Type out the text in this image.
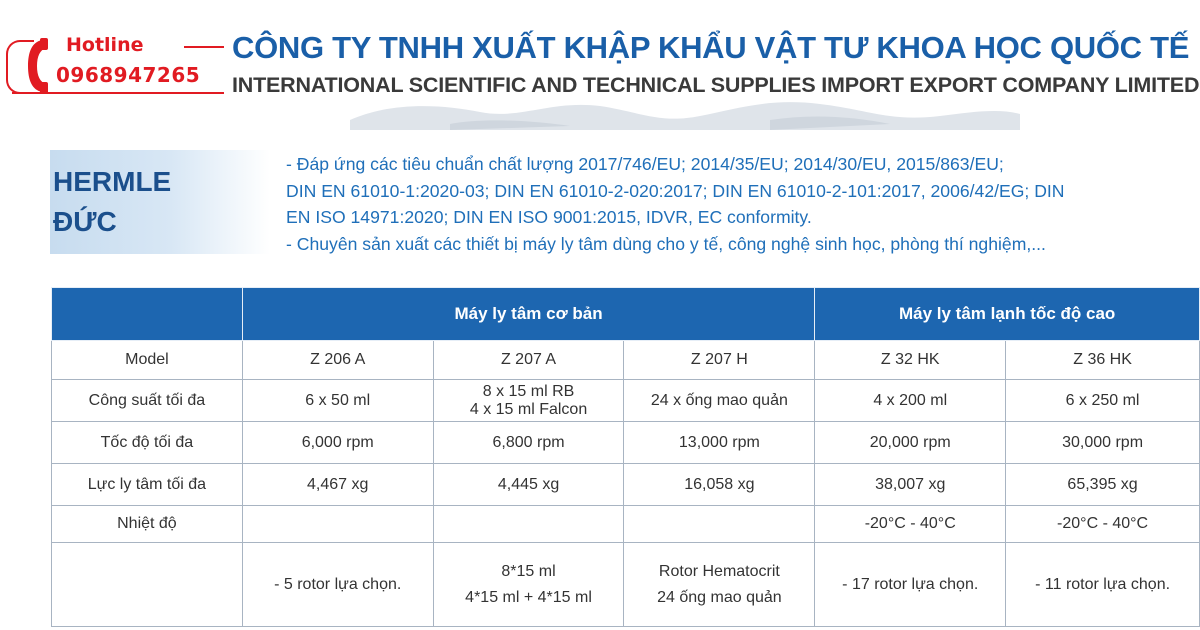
Hotline
0968947265
CÔNG TY TNHH XUẤT KHẬP KHẨU VẬT TƯ KHOA HỌC QUỐC TẾ
INTERNATIONAL SCIENTIFIC AND TECHNICAL SUPPLIES IMPORT EXPORT COMPANY LIMITED
HERMLE
ĐỨC

- Đáp ứng các tiêu chuẩn chất lượng 2017/746/EU; 2014/35/EU; 2014/30/EU, 2015/863/EU;

DIN EN 61010-1:2020-03; DIN EN 61010-2-020:2017; DIN EN 61010-2-101:2017, 2006/42/EG; DIN

EN ISO 14971:2020; DIN EN ISO 9001:2015, IDVR, EC conformity.

- Chuyên sản xuất các thiết bị máy ly tâm dùng cho y tế, công nghệ sinh học, phòng thí nghiệm,...

	Máy ly tâm cơ bản			Máy ly tâm lạnh tốc độ cao	
Model	Z 206 A	Z 207 A	Z 207 H	Z 32 HK	Z 36 HK
Công suất tối đa	6 x 50 ml	8 x 15 ml RB
4 x 15 ml Falcon	24 x ống mao quản	4 x 200 ml	6 x 250 ml
Tốc độ tối đa	6,000 rpm	6,800 rpm	13,000 rpm	20,000 rpm	30,000 rpm
Lực ly tâm tối đa	4,467 xg	4,445 xg	16,058 xg	38,007 xg	65,395 xg
Nhiệt độ				-20°C - 40°C	-20°C - 40°C
	- 5 rotor lựa chọn.	8*15 ml
4*15 ml + 4*15 ml	Rotor Hematocrit
24 ống mao quản	- 17 rotor lựa chọn.	- 11 rotor lựa chọn.
